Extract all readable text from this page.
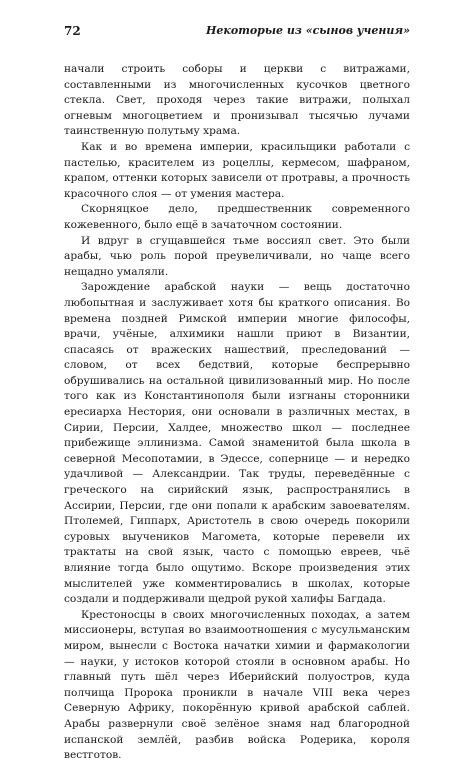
72	Некоторые из «сынов учения»

начали строить соборы и церкви с витражами, составленными из многочисленных кусочков цветного стекла. Свет, проходя через такие витражи, полыхал огневым многоцветием и пронизывал тысячью лучами таинственную полутьму храма.

Как и во времена империи, красильщики работали с пастелью, красителем из роцеллы, кермесом, шафраном, крапом, оттенки которых зависели от протравы, а прочность красочного слоя — от умения мастера.

Скорняцкое дело, предшественник современного кожевенного, было ещё в зачаточном состоянии.

И вдруг в сгущавшейся тьме воссиял свет. Это были арабы, чью роль порой преувеличивали, но чаще всего нещадно умаляли.

Зарождение арабской науки — вещь достаточно любопытная и заслуживает хотя бы краткого описания. Во времена поздней Римской империи многие философы, врачи, учёные, алхимики нашли приют в Византии, спасаясь от вражеских нашествий, преследований — словом, от всех бедствий, которые беспрерывно обрушивались на остальной цивилизованный мир. Но после того как из Константинополя были изгнаны сторонники ересиарха Нестория, они основали в различных местах, в Сирии, Персии, Халдее, множество школ — последнее прибежище эллинизма. Самой знаменитой была школа в северной Месопотамии, в Эдессе, сопернице — и нередко удачливой — Александрии. Так труды, переведённые с греческого на сирийский язык, распространялись в Ассирии, Персии, где они попали к арабским завоевателям. Птолемей, Гиппарх, Аристотель в свою очередь покорили суровых выучеников Магомета, которые перевели их трактаты на свой язык, часто с помощью евреев, чьё влияние тогда было ощутимо. Вскоре произведения этих мыслителей уже комментировались в школах, которые создали и поддерживали щедрой рукой халифы Багдада.

Крестоносцы в своих многочисленных походах, а затем миссионеры, вступая во взаимоотношения с мусульманским миром, вынесли с Востока начатки химии и фармакологии — науки, у истоков которой стояли в основном арабы. Но главный путь шёл через Иберийский полуостров, куда полчища Пророка проникли в начале VIII века через Северную Африку, покорённую кривой арабской саблей. Арабы развернули своё зелёное знамя над благородной испанской землёй, разбив войска Родерика, короля вестготов.
